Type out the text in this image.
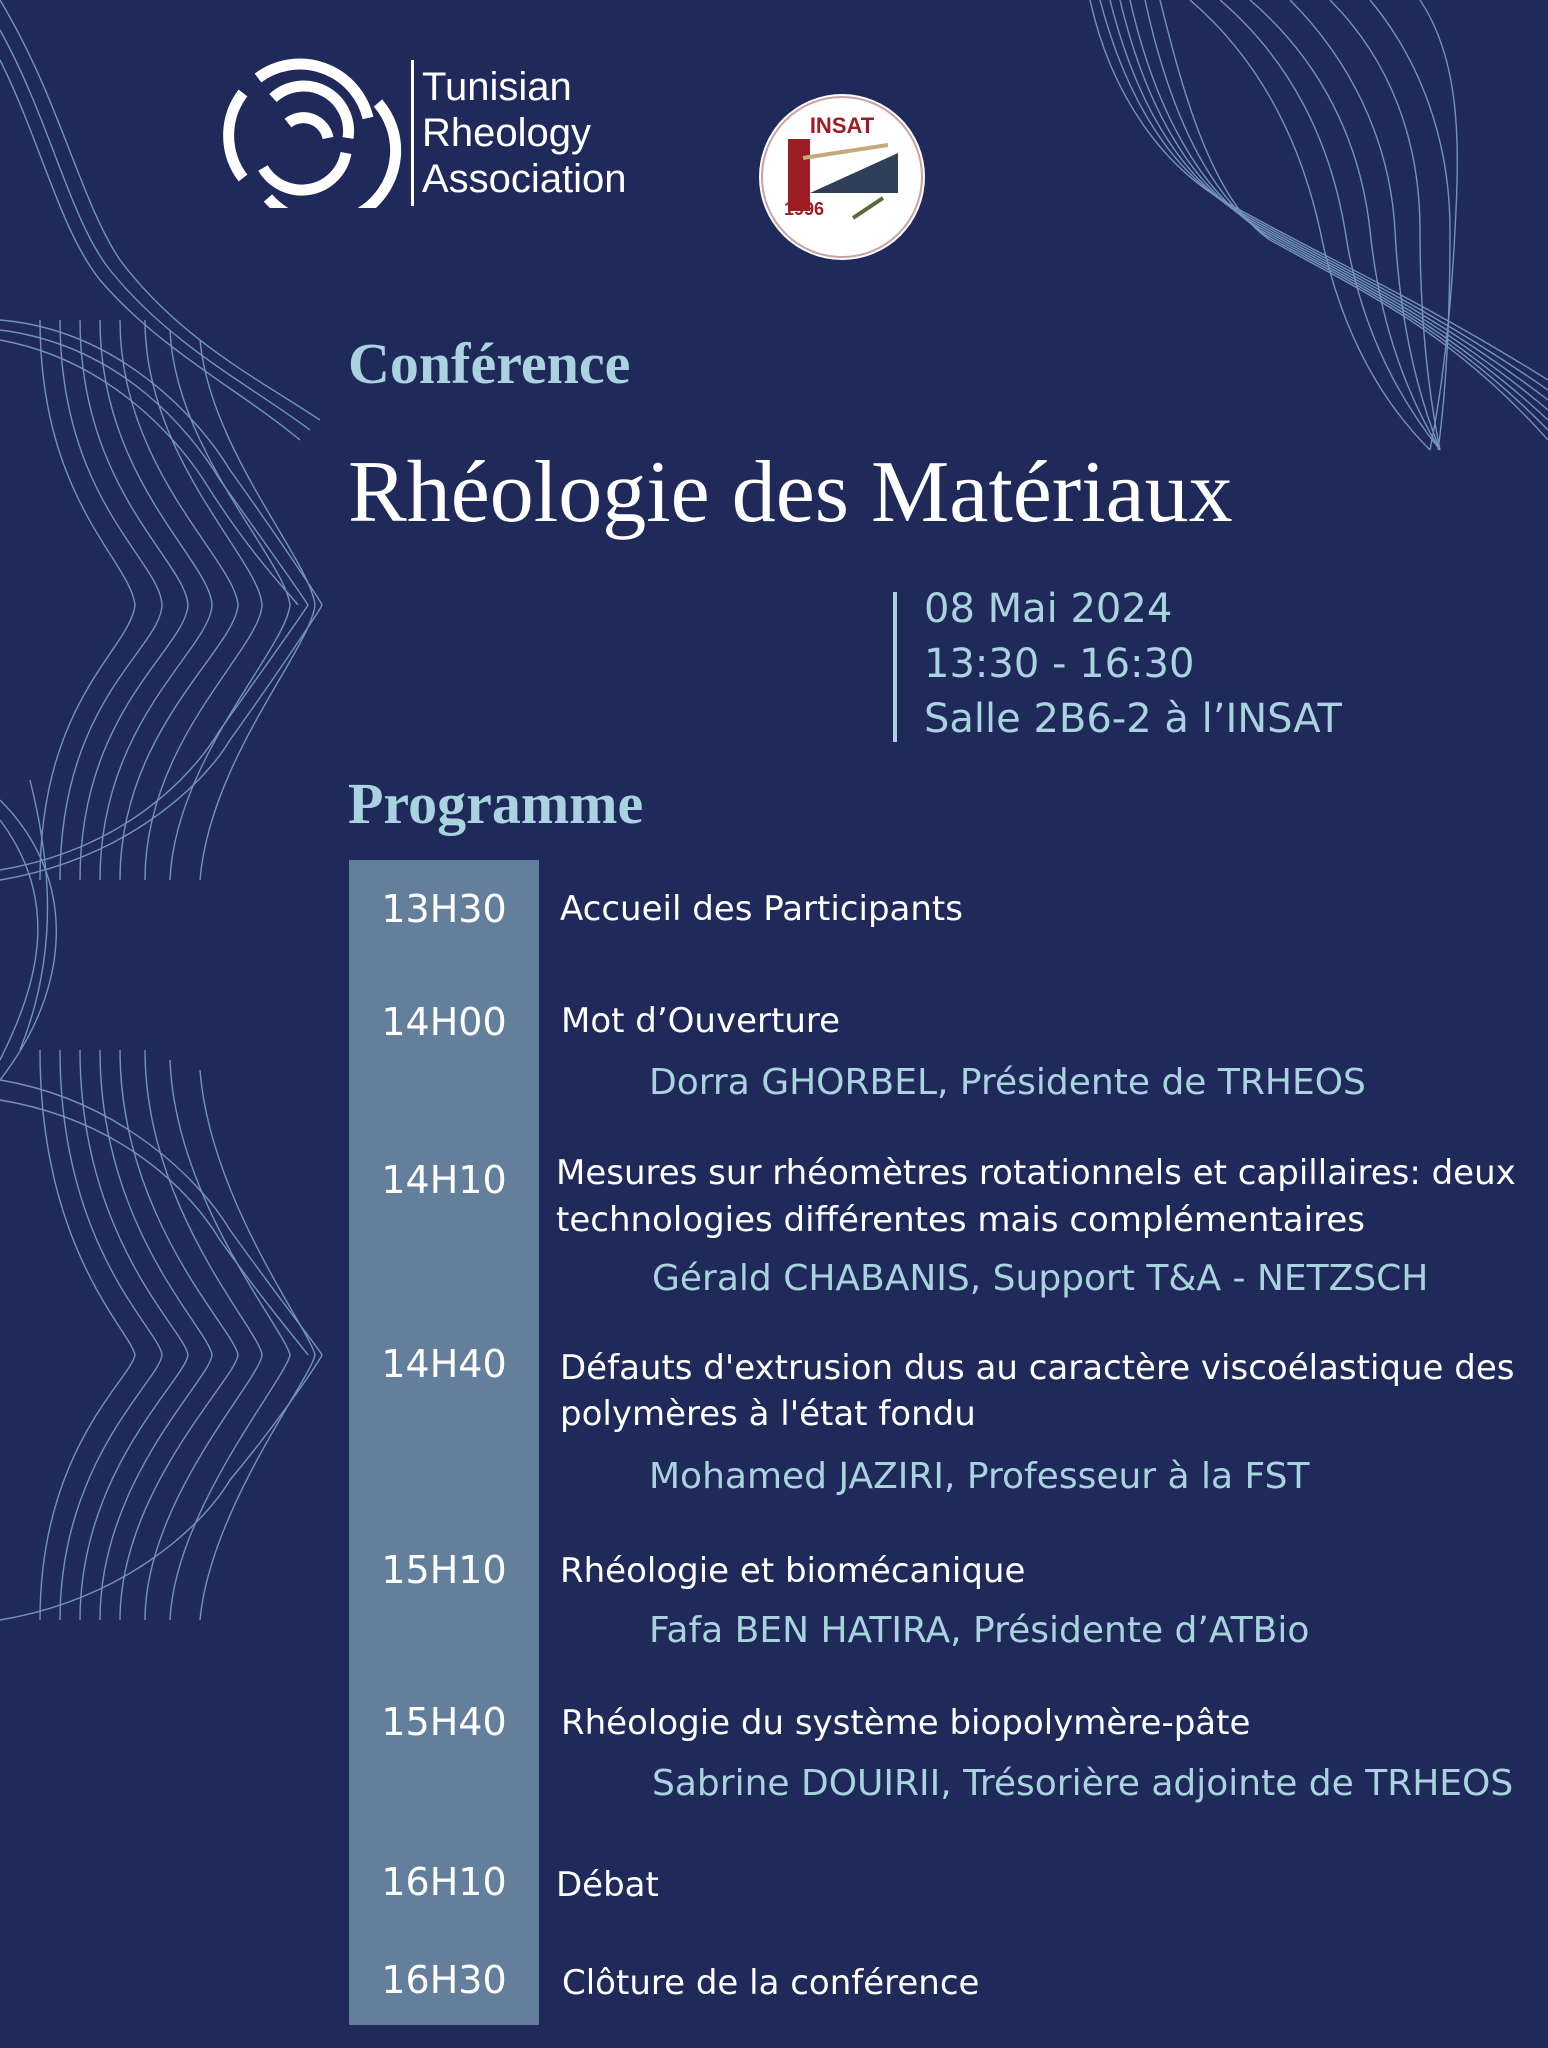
Tunisian
Rheology
Association
INSAT
1996
Conférence
Rhéologie des Matériaux
08 Mai 2024
13:30 - 16:30
Salle 2B6-2 à l’INSAT
Programme
13H30	Accueil des Participants
14H00	Mot d’Ouverture
Dorra GHORBEL, Présidente de TRHEOS
14H10	Mesures sur rhéomètres rotationnels et capillaires: deux
technologies différentes mais complémentaires
Gérald CHABANIS, Support T&A - NETZSCH
14H40	Défauts d'extrusion dus au caractère viscoélastique des
polymères à l'état fondu
Mohamed JAZIRI, Professeur à la FST
15H10	Rhéologie et biomécanique
Fafa BEN HATIRA, Présidente d’ATBio
15H40	Rhéologie du système biopolymère-pâte
Sabrine DOUIRII, Trésorière adjointe de TRHEOS
16H10	Débat
16H30	Clôture de la conférence
